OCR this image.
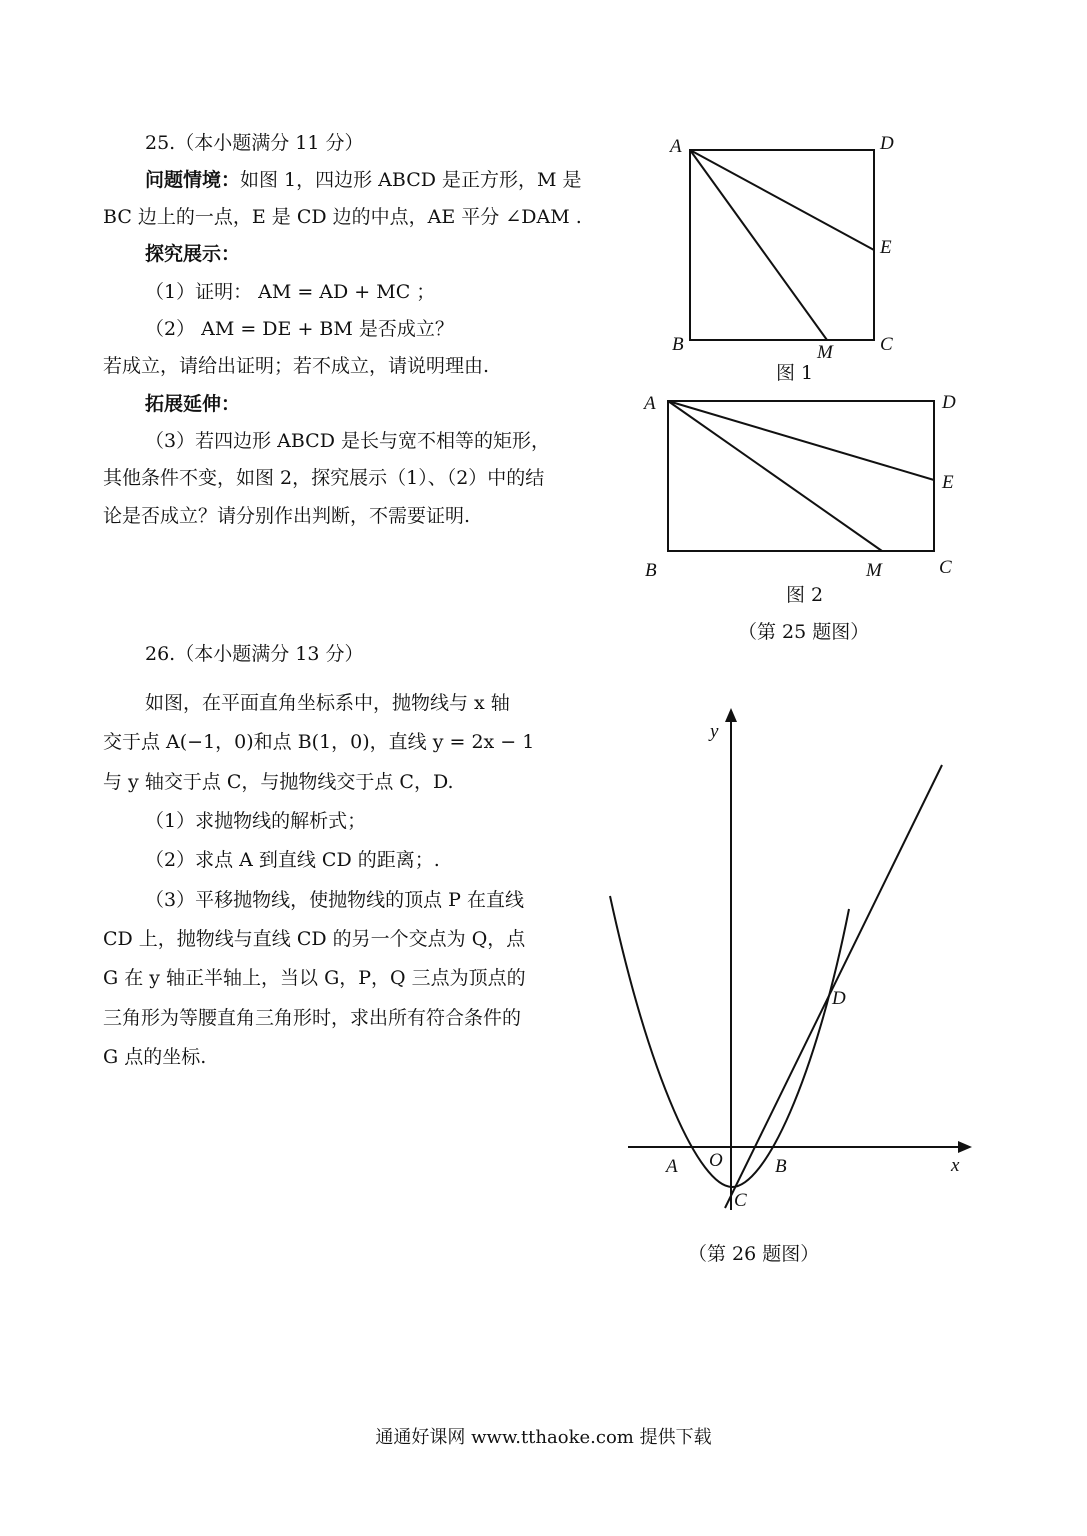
25.（本小题满分 11 分）
问题情境：如图 1，四边形 ABCD 是正方形，M 是
BC 边上的一点，E 是 CD 边的中点，AE 平分 ∠DAM .
探究展示：
（1）证明： AM = AD + MC ；
（2） AM = DE + BM 是否成立？
若成立，请给出证明；若不成立，请说明理由.
拓展延伸：
（3）若四边形 ABCD 是长与宽不相等的矩形，
其他条件不变，如图 2，探究展示（1）、（2）中的结
论是否成立？请分别作出判断，不需要证明.
A	D
E
B	M C
图 1
A	D
E
B	M	C
图 2
（第 25 题图）
26.（本小题满分 13 分）
如图，在平面直角坐标系中，抛物线与 x 轴
交于点 A(−1，0)和点 B(1，0)，直线 y = 2x − 1
与 y 轴交于点 C，与抛物线交于点 C，D.
（1）求抛物线的解析式；
（2）求点 A 到直线 CD 的距离；.
（3）平移抛物线，使抛物线的顶点 P 在直线
CD 上，抛物线与直线 CD 的另一个交点为 Q，点
G 在 y 轴正半轴上，当以 G，P，Q 三点为顶点的
三角形为等腰直角三角形时，求出所有符合条件的
G 点的坐标.
y
x
O
A	B
C
D
（第 26 题图）
通通好课网 www.tthaoke.com 提供下载
